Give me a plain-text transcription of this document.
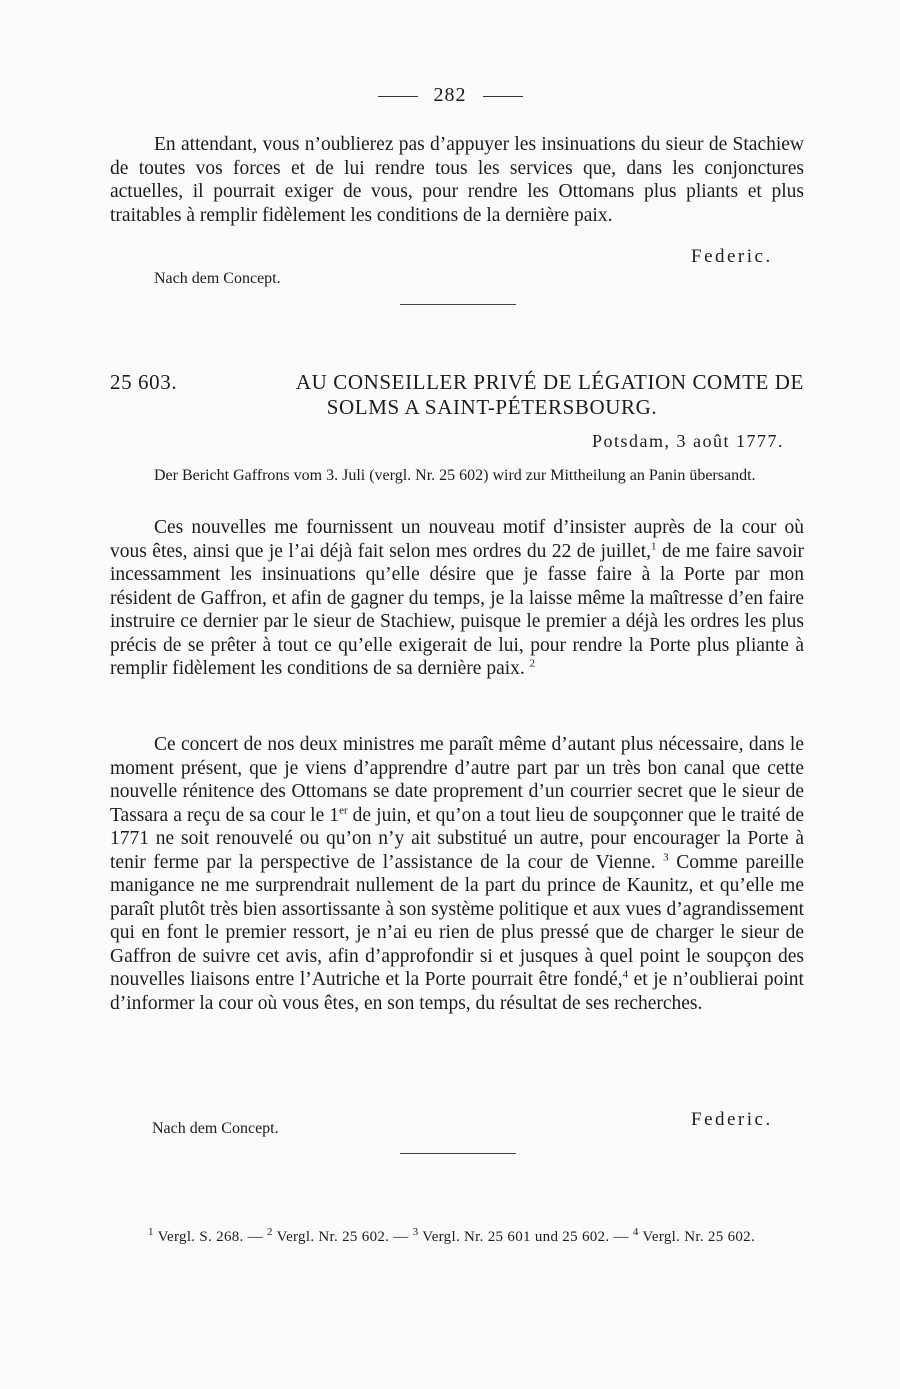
282
En attendant, vous n’oublierez pas d’appuyer les insinuations du sieur de Stachiew de toutes vos forces et de lui rendre tous les services que, dans les conjonctures actuelles, il pourrait exiger de vous, pour rendre les Ottomans plus pliants et plus traitables à remplir fidèlement les conditions de la dernière paix.
Federic.
Nach dem Concept.
25 603.	AU CONSEILLER PRIVÉ DE LÉGATION COMTE DE
SOLMS A SAINT-PÉTERSBOURG.
Potsdam, 3 août 1777.
Der Bericht Gaffrons vom 3. Juli (vergl. Nr. 25 602) wird zur Mittheilung an Panin übersandt.
Ces nouvelles me fournissent un nouveau motif d’insister auprès de la cour où vous êtes, ainsi que je l’ai déjà fait selon mes ordres du 22 de juillet,$^1$ de me faire savoir incessamment les insinuations qu’elle désire que je fasse faire à la Porte par mon résident de Gaffron, et afin de gagner du temps, je la laisse même la maîtresse d’en faire instruire ce dernier par le sieur de Stachiew, puisque le premier a déjà les ordres les plus précis de se prêter à tout ce qu’elle exigerait de lui, pour rendre la Porte plus pliante à remplir fidèlement les conditions de sa dernière paix. $^2$
Ce concert de nos deux ministres me paraît même d’autant plus nécessaire, dans le moment présent, que je viens d’apprendre d’autre part par un très bon canal que cette nouvelle rénitence des Ottomans se date proprement d’un courrier secret que le sieur de Tassara a reçu de sa cour le 1er de juin, et qu’on a tout lieu de soupçonner que le traité de 1771 ne soit renouvelé ou qu’on n’y ait substitué un autre, pour encourager la Porte à tenir ferme par la perspective de l’assistance de la cour de Vienne. $^3$ Comme pareille manigance ne me surprendrait nullement de la part du prince de Kaunitz, et qu’elle me paraît plutôt très bien assortissante à son système politique et aux vues d’agrandissement qui en font le premier ressort, je n’ai eu rien de plus pressé que de charger le sieur de Gaffron de suivre cet avis, afin d’approfondir si et jusques à quel point le soupçon des nouvelles liaisons entre l’Autriche et la Porte pourrait être fondé,$^4$ et je n’oublierai point d’informer la cour où vous êtes, en son temps, du résultat de ses recherches.
Federic.
Nach dem Concept.
$^1$ Vergl. S. 268. — $^2$ Vergl. Nr. 25 602. — $^3$ Vergl. Nr. 25 601 und 25 602. — $^4$ Vergl. Nr. 25 602.
